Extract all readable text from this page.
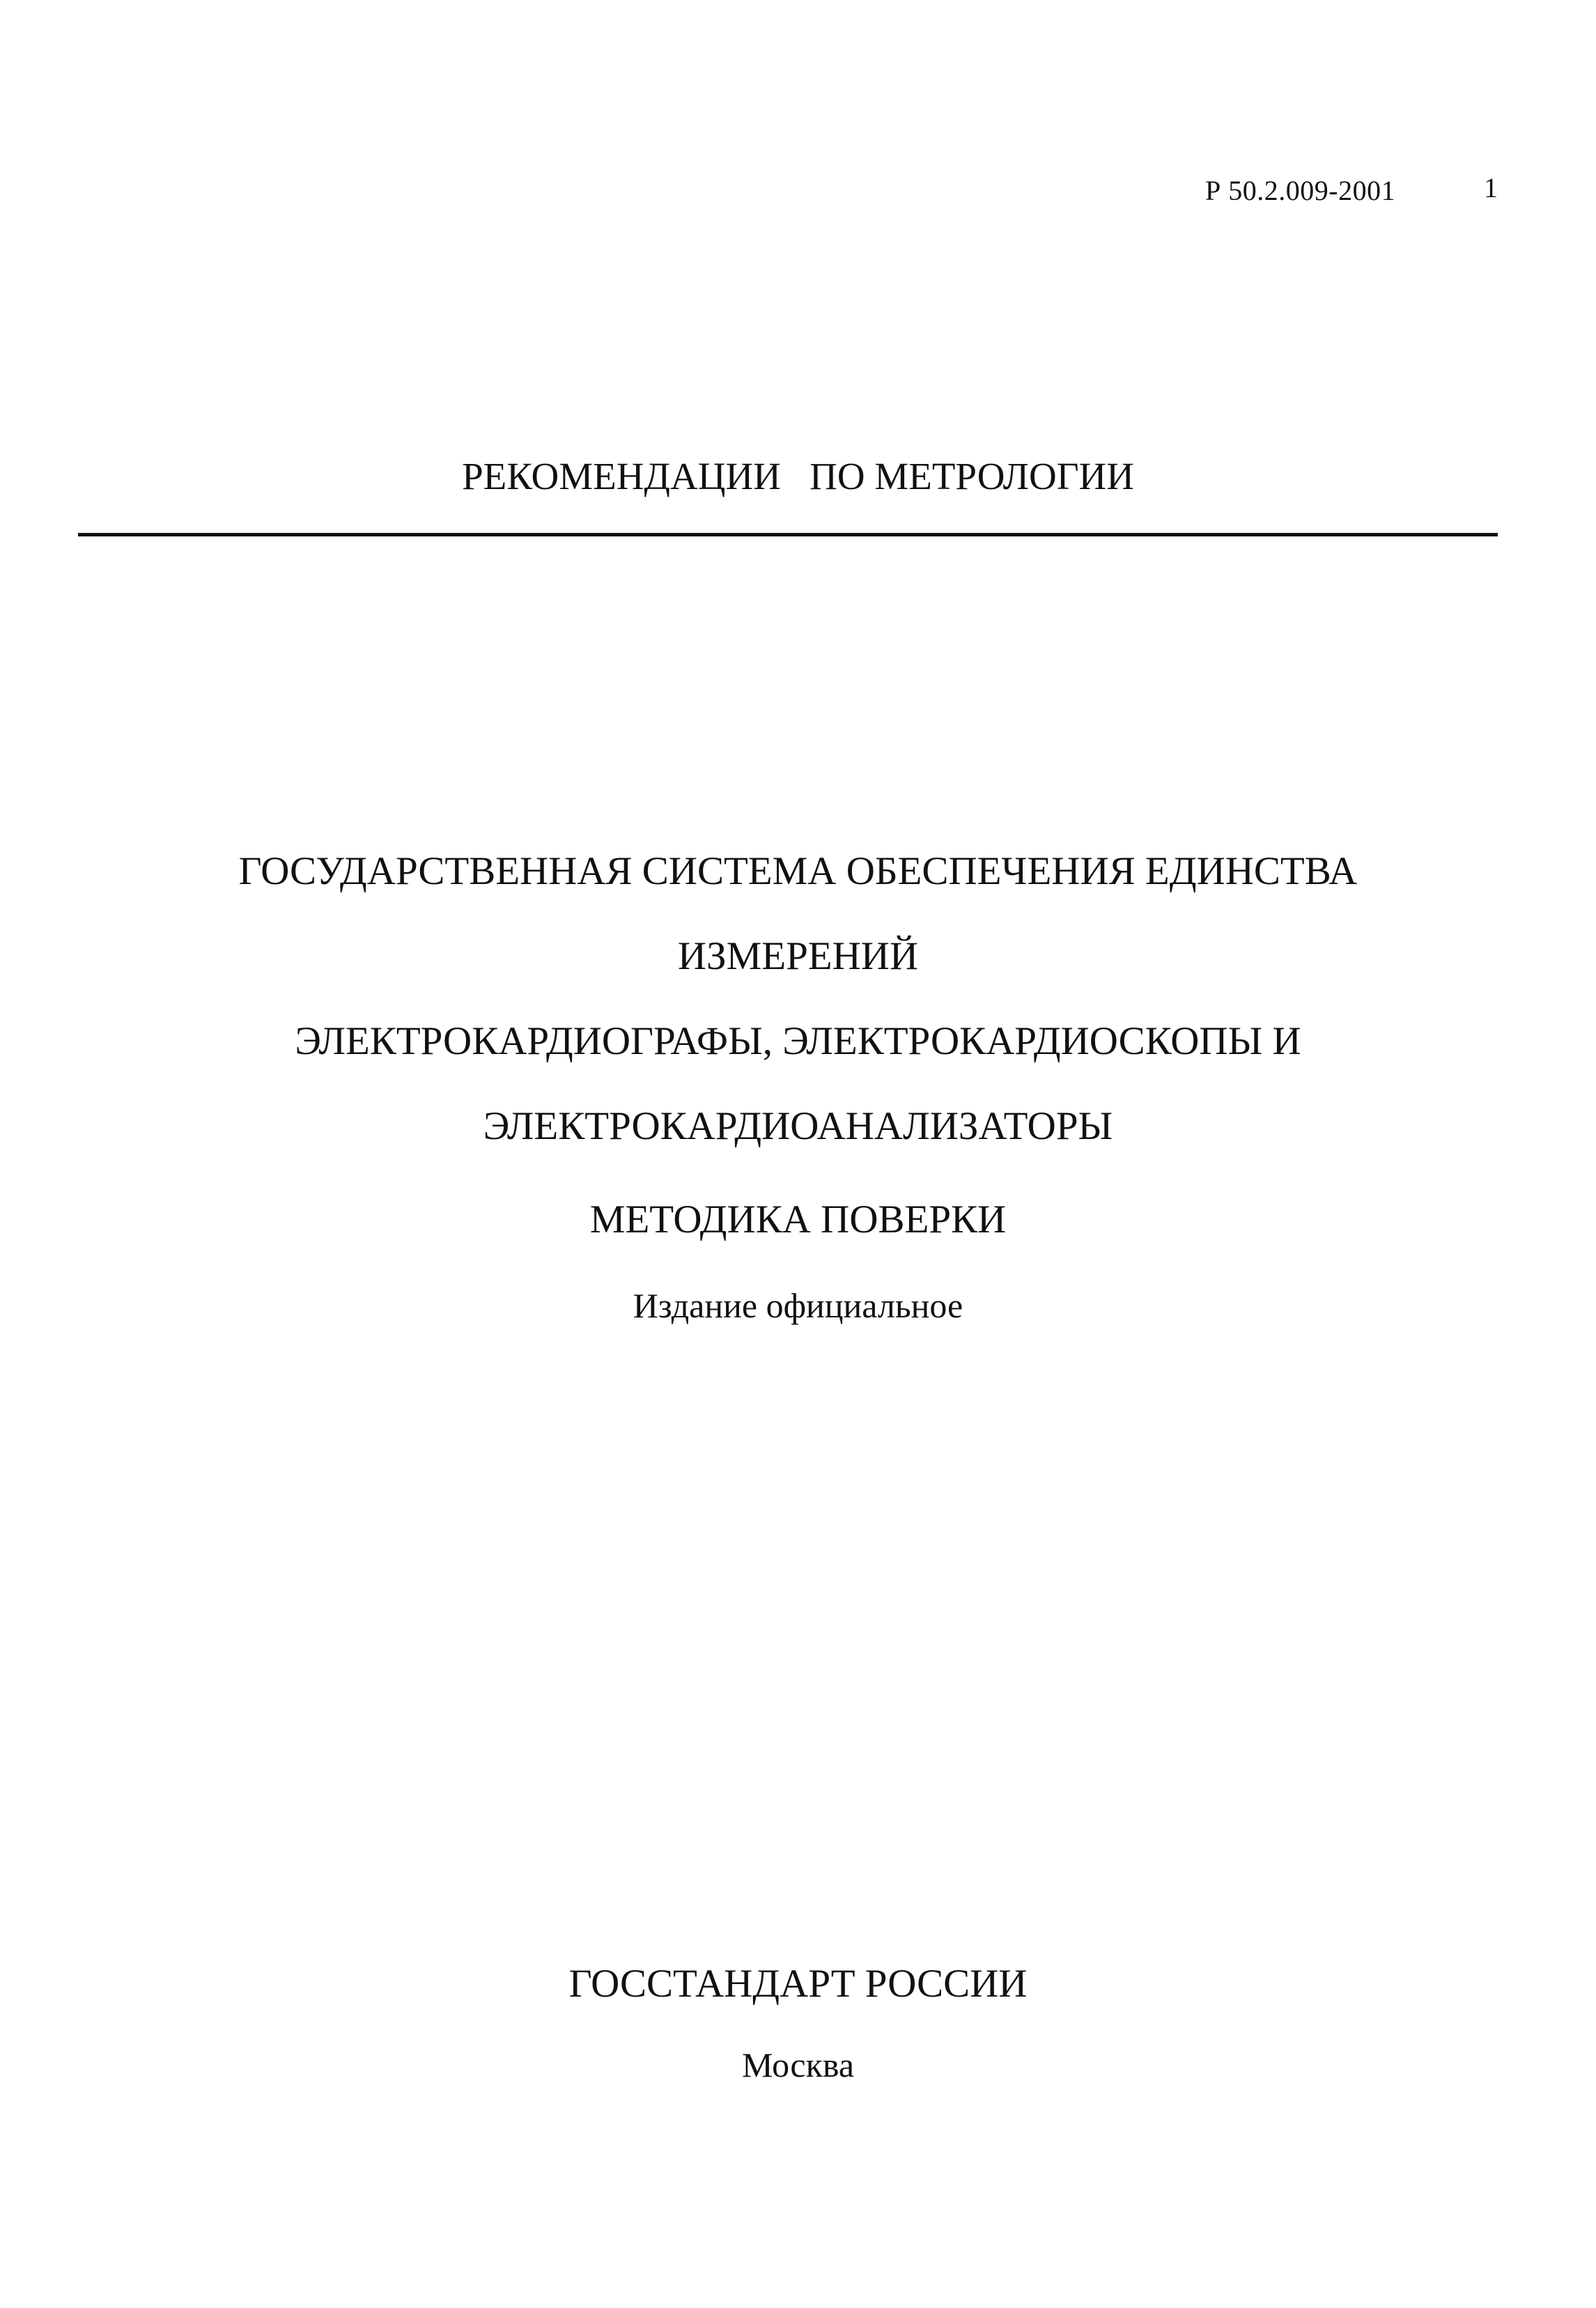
Р 50.2.009-2001	1
РЕКОМЕНДАЦИИ   ПО МЕТРОЛОГИИ
ГОСУДАРСТВЕННАЯ СИСТЕМА ОБЕСПЕЧЕНИЯ ЕДИНСТВА
ИЗМЕРЕНИЙ
ЭЛЕКТРОКАРДИОГРАФЫ, ЭЛЕКТРОКАРДИОСКОПЫ И
ЭЛЕКТРОКАРДИОАНАЛИЗАТОРЫ
МЕТОДИКА ПОВЕРКИ
Издание официальное
ГОССТАНДАРТ РОССИИ
Москва
